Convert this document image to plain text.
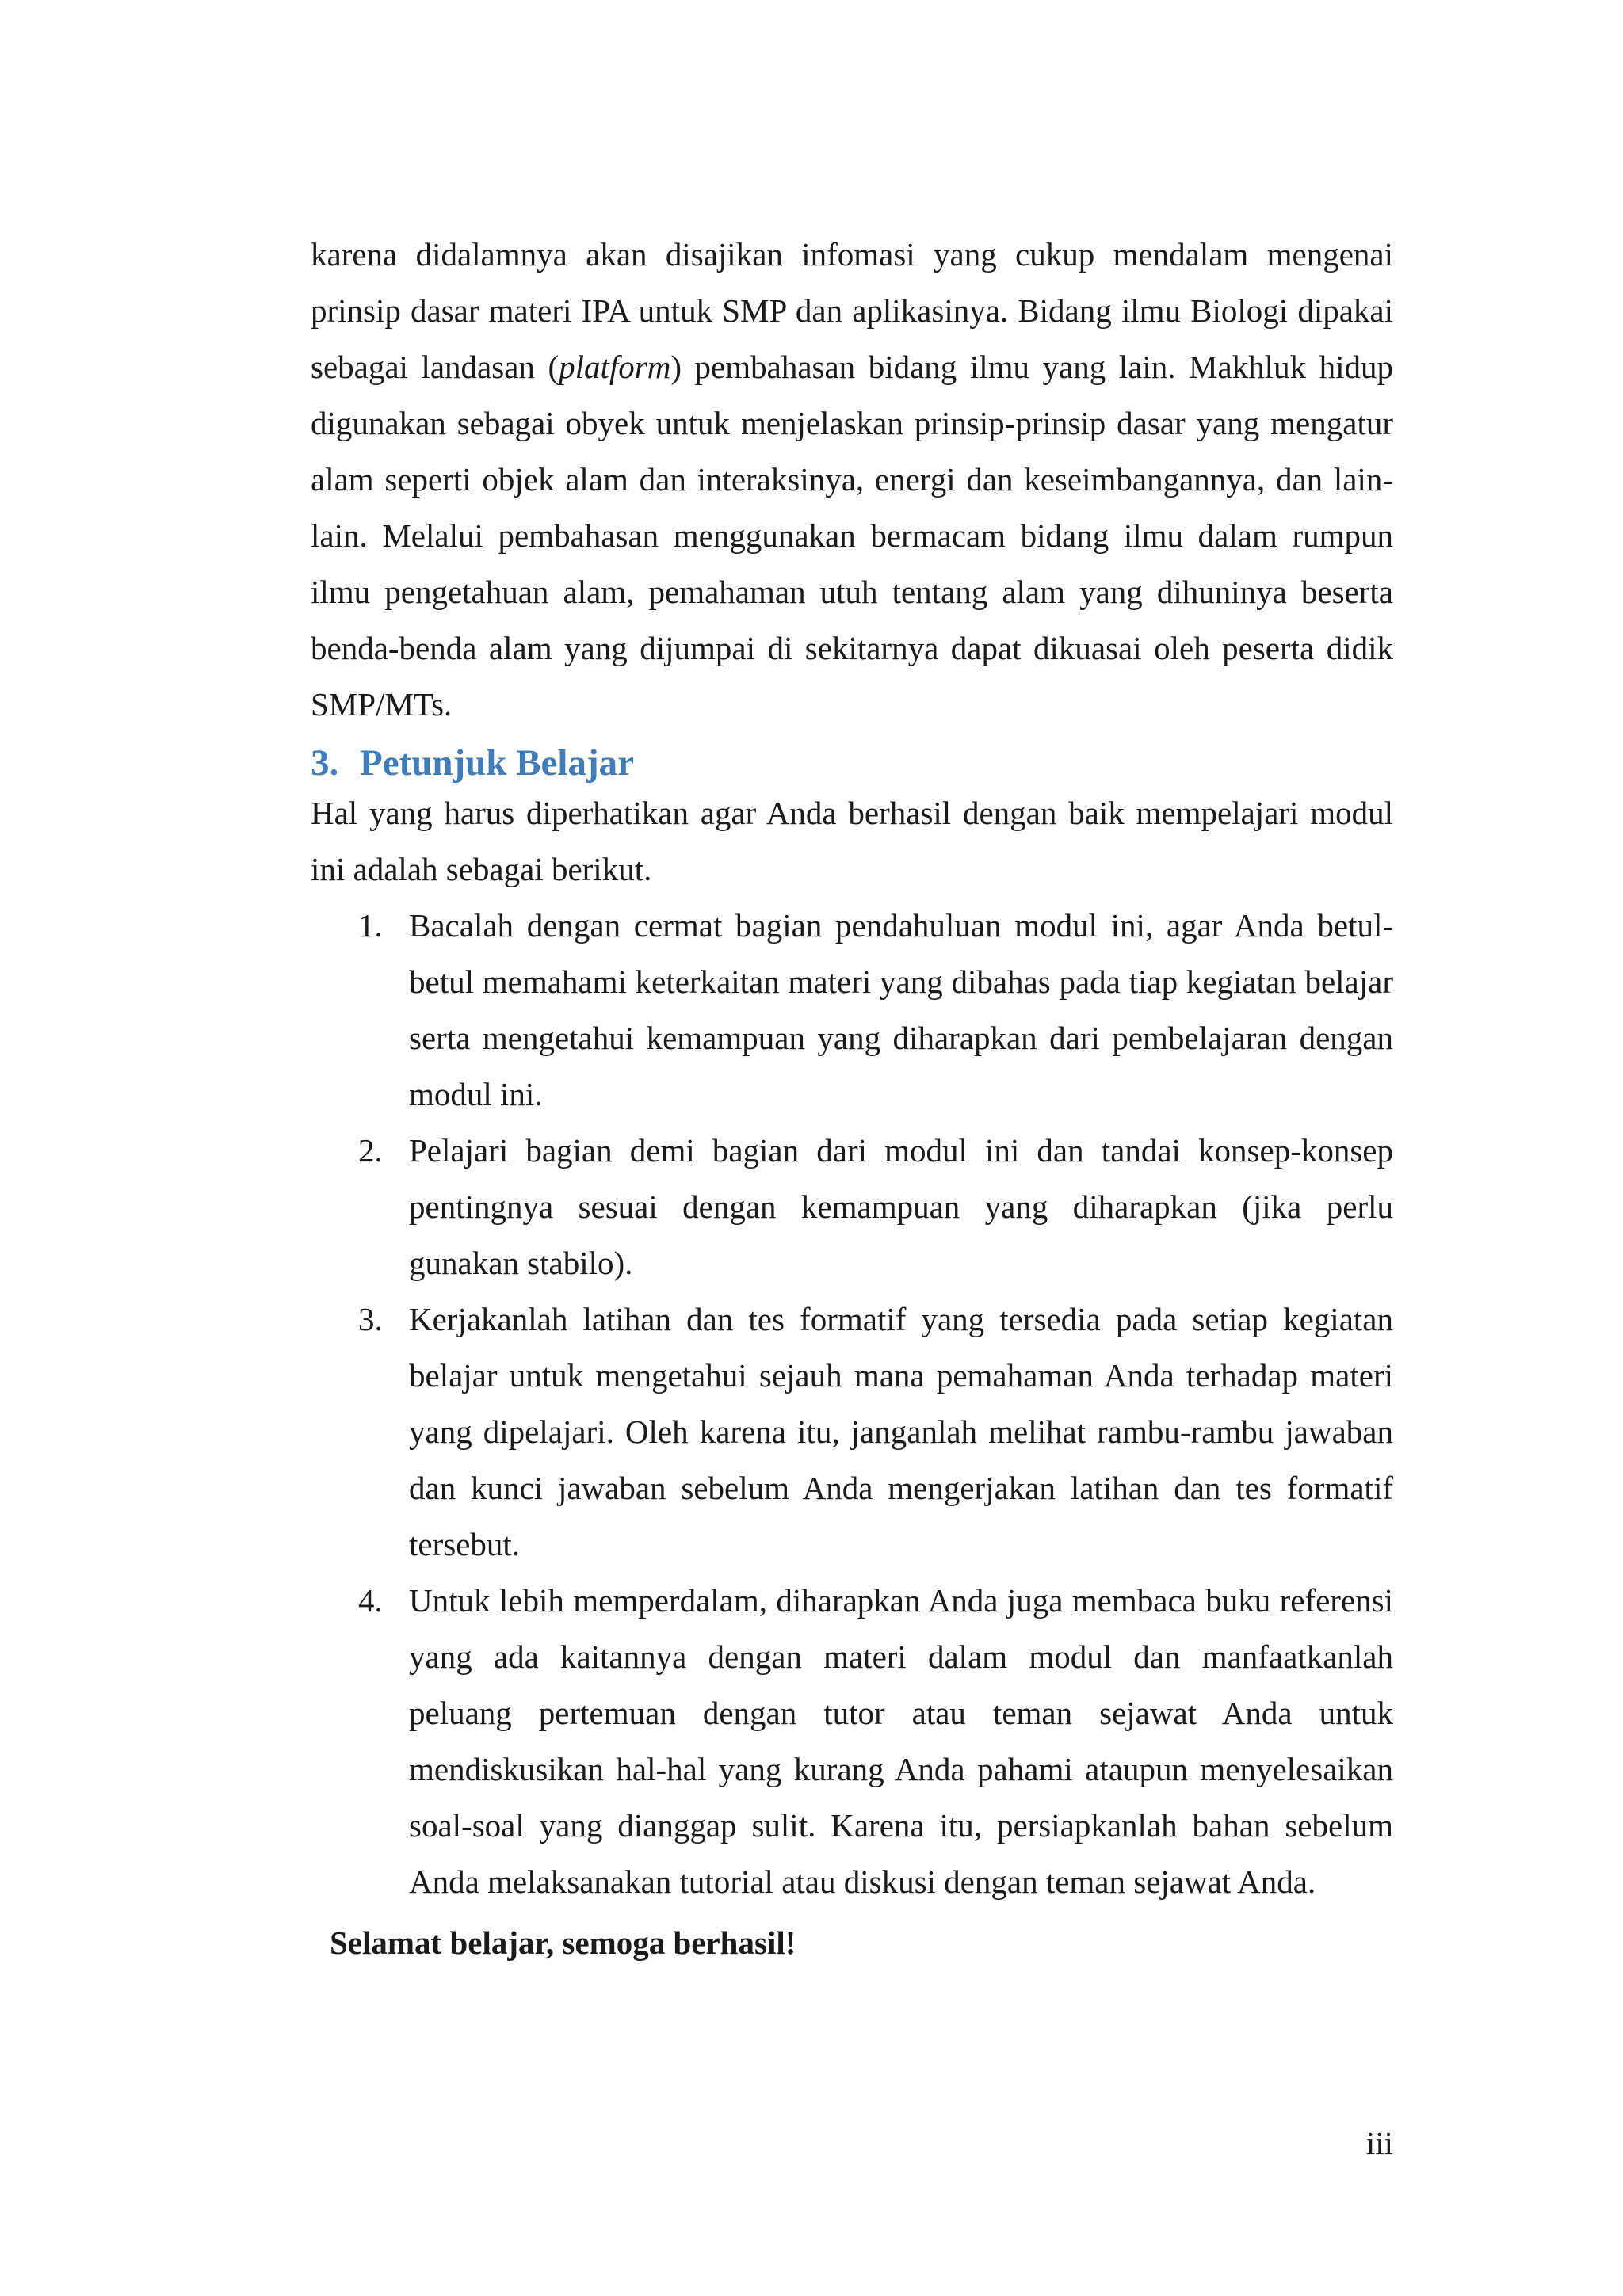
karena didalamnya akan disajikan infomasi yang cukup mendalam mengenai prinsip dasar materi IPA untuk SMP dan aplikasinya. Bidang ilmu Biologi dipakai sebagai landasan (platform) pembahasan bidang ilmu yang lain. Makhluk hidup digunakan sebagai obyek untuk menjelaskan prinsip-prinsip dasar yang mengatur alam seperti objek alam dan interaksinya, energi dan keseimbangannya, dan lain-lain. Melalui pembahasan menggunakan bermacam bidang ilmu dalam rumpun ilmu pengetahuan alam, pemahaman utuh tentang alam yang dihuninya beserta benda-benda alam yang dijumpai di sekitarnya dapat dikuasai oleh peserta didik SMP/MTs.

3. Petunjuk Belajar

Hal yang harus diperhatikan agar Anda berhasil dengan baik mempelajari modul ini adalah sebagai berikut.

1. Bacalah dengan cermat bagian pendahuluan modul ini, agar Anda betul-betul memahami keterkaitan materi yang dibahas pada tiap kegiatan belajar serta mengetahui kemampuan yang diharapkan dari pembelajaran dengan modul ini.
2. Pelajari bagian demi bagian dari modul ini dan tandai konsep-konsep pentingnya sesuai dengan kemampuan yang diharapkan (jika perlu gunakan stabilo).
3. Kerjakanlah latihan dan tes formatif yang tersedia pada setiap kegiatan belajar untuk mengetahui sejauh mana pemahaman Anda terhadap materi yang dipelajari. Oleh karena itu, janganlah melihat rambu-rambu jawaban dan kunci jawaban sebelum Anda mengerjakan latihan dan tes formatif tersebut.
4. Untuk lebih memperdalam, diharapkan Anda juga membaca buku referensi yang ada kaitannya dengan materi dalam modul dan manfaatkanlah peluang pertemuan dengan tutor atau teman sejawat Anda untuk mendiskusikan hal-hal yang kurang Anda pahami ataupun menyelesaikan soal-soal yang dianggap sulit. Karena itu, persiapkanlah bahan sebelum Anda melaksanakan tutorial atau diskusi dengan teman sejawat Anda.

Selamat belajar, semoga berhasil!

iii
